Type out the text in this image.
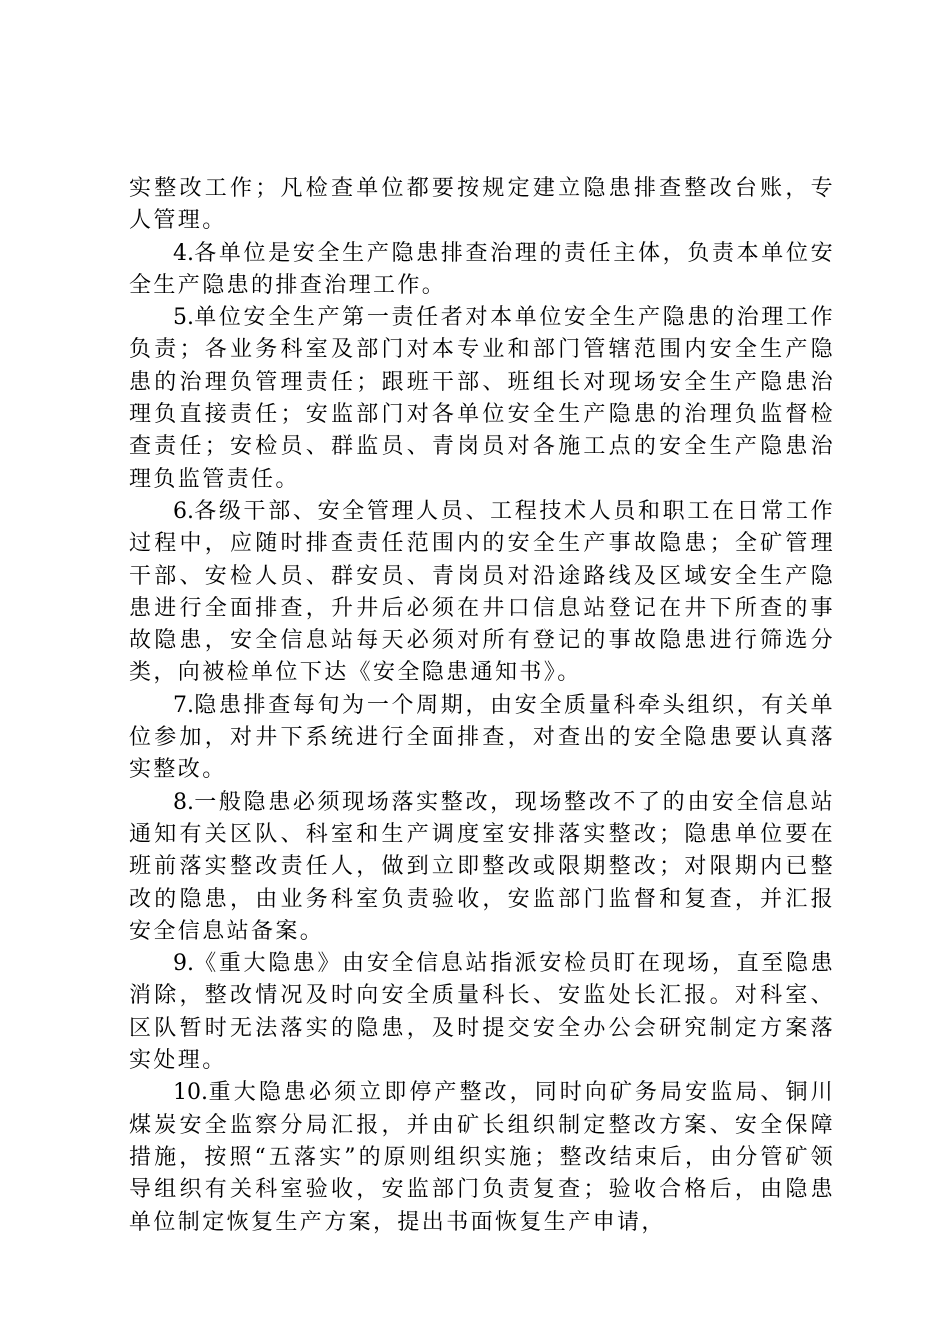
实整改工作；凡检查单位都要按规定建立隐患排查整改台账，专人管理。

4.各单位是安全生产隐患排查治理的责任主体，负责本单位安全生产隐患的排查治理工作。

5.单位安全生产第一责任者对本单位安全生产隐患的治理工作负责；各业务科室及部门对本专业和部门管辖范围内安全生产隐患的治理负管理责任；跟班干部、班组长对现场安全生产隐患治理负直接责任；安监部门对各单位安全生产隐患的治理负监督检查责任；安检员、群监员、青岗员对各施工点的安全生产隐患治理负监管责任。

6.各级干部、安全管理人员、工程技术人员和职工在日常工作过程中，应随时排查责任范围内的安全生产事故隐患；全矿管理干部、安检人员、群安员、青岗员对沿途路线及区域安全生产隐患进行全面排查，升井后必须在井口信息站登记在井下所查的事故隐患，安全信息站每天必须对所有登记的事故隐患进行筛选分类，向被检单位下达《安全隐患通知书》。

7.隐患排查每旬为一个周期，由安全质量科牵头组织，有关单位参加，对井下系统进行全面排查，对查出的安全隐患要认真落实整改。

8.一般隐患必须现场落实整改，现场整改不了的由安全信息站通知有关区队、科室和生产调度室安排落实整改；隐患单位要在班前落实整改责任人，做到立即整改或限期整改；对限期内已整改的隐患，由业务科室负责验收，安监部门监督和复查，并汇报安全信息站备案。

9.《重大隐患》由安全信息站指派安检员盯在现场，直至隐患消除，整改情况及时向安全质量科长、安监处长汇报。对科室、区队暂时无法落实的隐患，及时提交安全办公会研究制定方案落实处理。

10.重大隐患必须立即停产整改，同时向矿务局安监局、铜川煤炭安全监察分局汇报，并由矿长组织制定整改方案、安全保障措施，按照“五落实”的原则组织实施；整改结束后，由分管矿领导组织有关科室验收，安监部门负责复查；验收合格后，由隐患单位制定恢复生产方案，提出书面恢复生产申请，
